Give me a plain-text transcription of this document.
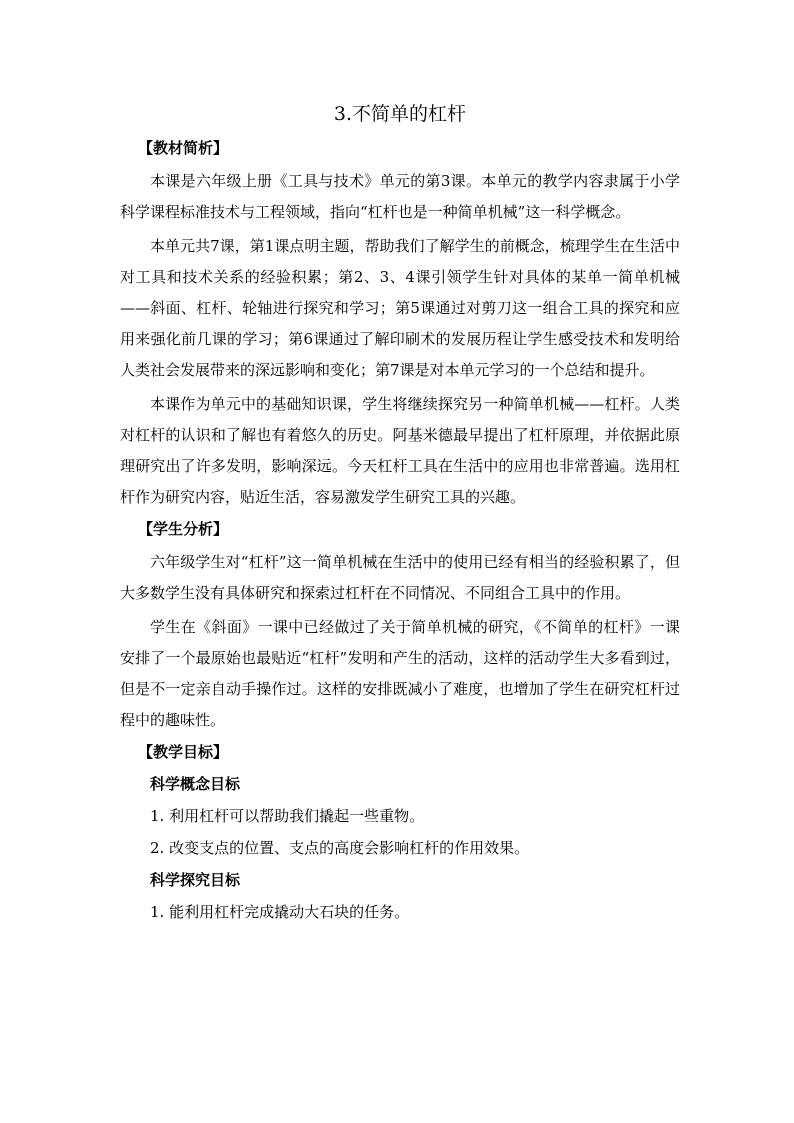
3.不简单的杠杆
【教材简析】

本课是六年级上册《工具与技术》单元的第3课。本单元的教学内容隶属于小学科学课程标准技术与工程领域，指向“杠杆也是一种简单机械”这一科学概念。

本单元共7课，第1课点明主题，帮助我们了解学生的前概念，梳理学生在生活中对工具和技术关系的经验积累；第2、3、4课引领学生针对具体的某单一简单机械——斜面、杠杆、轮轴进行探究和学习；第5课通过对剪刀这一组合工具的探究和应用来强化前几课的学习；第6课通过了解印刷术的发展历程让学生感受技术和发明给人类社会发展带来的深远影响和变化；第7课是对本单元学习的一个总结和提升。

本课作为单元中的基础知识课，学生将继续探究另一种简单机械——杠杆。人类对杠杆的认识和了解也有着悠久的历史。阿基米德最早提出了杠杆原理，并依据此原理研究出了许多发明，影响深远。今天杠杆工具在生活中的应用也非常普遍。选用杠杆作为研究内容，贴近生活，容易激发学生研究工具的兴趣。

【学生分析】

六年级学生对“杠杆”这一简单机械在生活中的使用已经有相当的经验积累了，但大多数学生没有具体研究和探索过杠杆在不同情况、不同组合工具中的作用。

学生在《斜面》一课中已经做过了关于简单机械的研究，《不简单的杠杆》一课安排了一个最原始也最贴近“杠杆”发明和产生的活动，这样的活动学生大多看到过，但是不一定亲自动手操作过。这样的安排既减小了难度，也增加了学生在研究杠杆过程中的趣味性。

【教学目标】
科学概念目标
1. 利用杠杆可以帮助我们撬起一些重物。
2. 改变支点的位置、支点的高度会影响杠杆的作用效果。
科学探究目标
1. 能利用杠杆完成撬动大石块的任务。
